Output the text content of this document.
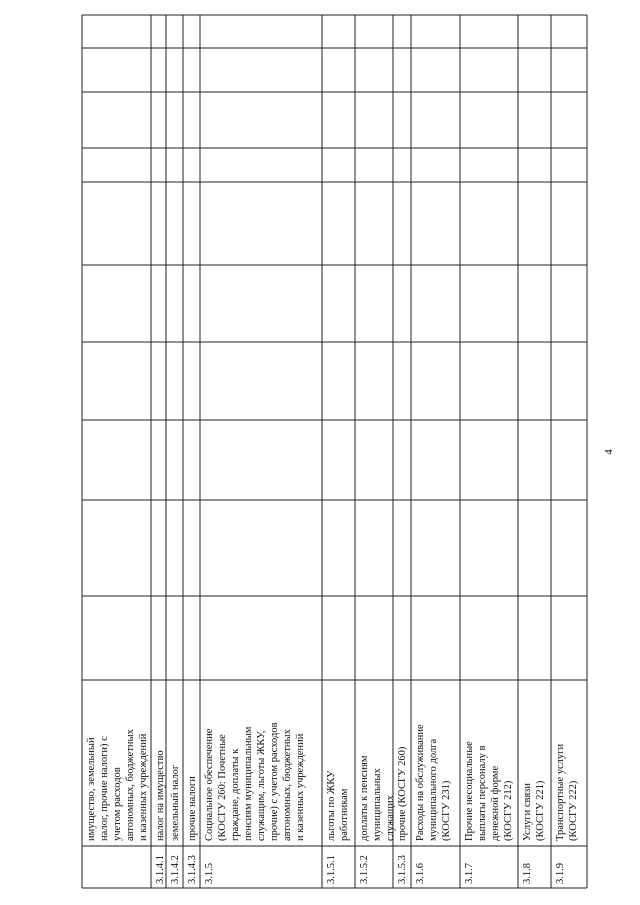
4
имущество, земельный налог, прочие налоги) с учетом расходов автономных, бюджетных и казенных учреждений
3.1.4.1
налог на имущество
3.1.4.2
земельный налог
3.1.4.3
прочие налоги
3.1.5
Социальное обеспечение (КОСГУ 260: Почетные граждане, доплаты к пенсиям муниципальным служащим, льготы ЖКУ, прочие) с учетом расходов автономных, бюджетных и казенных учреждений
3.1.5.1
льготы по ЖКУ работникам
3.1.5.2
доплаты к пенсиям муниципальных служащих
3.1.5.3
прочие (КОСГУ 260)
3.1.6
Расходы на обслуживание муниципального долга (КОСГУ 231)
3.1.7
Прочие несоциальные выплаты персоналу в денежной форме (КОСГУ 212)
3.1.8
Услуги связи (КОСГУ 221)
3.1.9
Транспортные услуги (КОСГУ 222)
